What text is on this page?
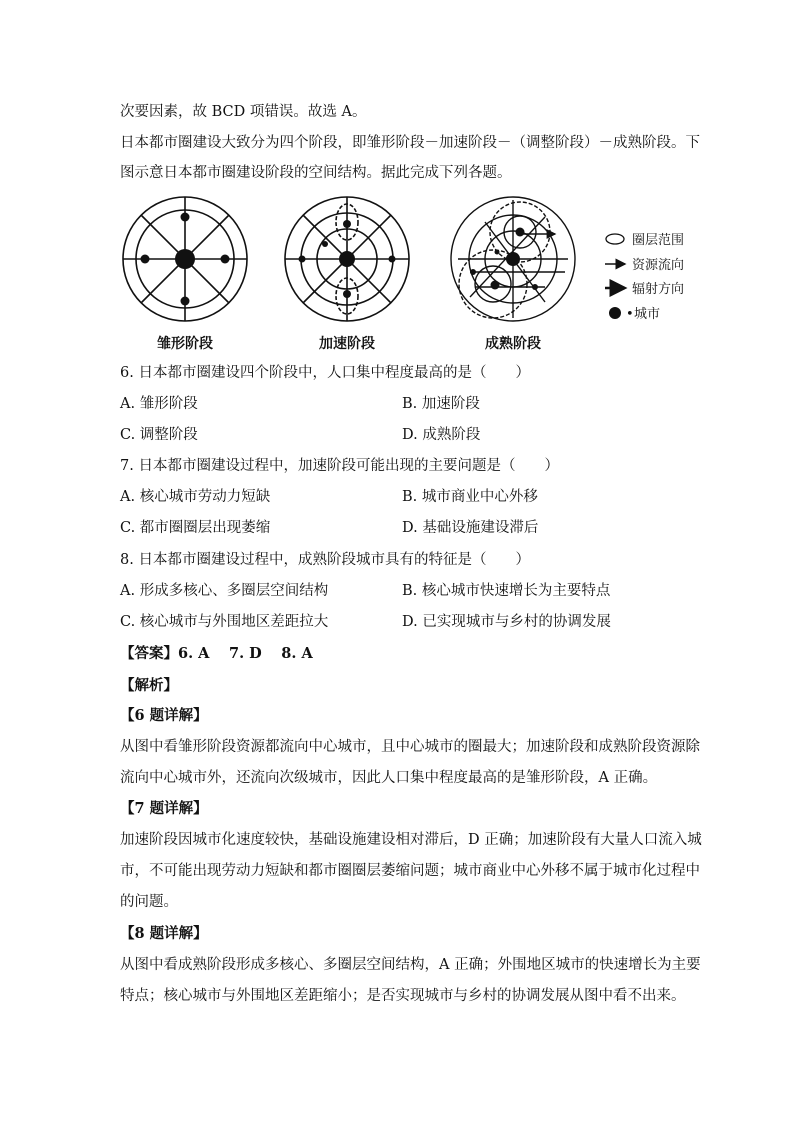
次要因素，故 BCD 项错误。故选 A。
日本都市圈建设大致分为四个阶段，即雏形阶段－加速阶段－（调整阶段）－成熟阶段。下
图示意日本都市圈建设阶段的空间结构。据此完成下列各题。
圈层范围
资源流向
辐射方向
• 城市
雏形阶段	加速阶段	成熟阶段
6. 日本都市圈建设四个阶段中，人口集中程度最高的是（　　）
A. 雏形阶段	B. 加速阶段
C. 调整阶段	D. 成熟阶段
7. 日本都市圈建设过程中，加速阶段可能出现的主要问题是（　　）
A. 核心城市劳动力短缺	B. 城市商业中心外移
C. 都市圈圈层出现萎缩	D. 基础设施建设滞后
8. 日本都市圈建设过程中，成熟阶段城市具有的特征是（　　）
A. 形成多核心、多圈层空间结构	B. 核心城市快速增长为主要特点
C. 核心城市与外围地区差距拉大	D. 已实现城市与乡村的协调发展
【答案】6. A　 7. D　 8. A
【解析】
【6 题详解】
从图中看雏形阶段资源都流向中心城市，且中心城市的圈最大；加速阶段和成熟阶段资源除
流向中心城市外，还流向次级城市，因此人口集中程度最高的是雏形阶段，A 正确。
【7 题详解】
加速阶段因城市化速度较快，基础设施建设相对滞后，D 正确；加速阶段有大量人口流入城
市，不可能出现劳动力短缺和都市圈圈层萎缩问题；城市商业中心外移不属于城市化过程中
的问题。
【8 题详解】
从图中看成熟阶段形成多核心、多圈层空间结构，A 正确；外围地区城市的快速增长为主要
特点；核心城市与外围地区差距缩小；是否实现城市与乡村的协调发展从图中看不出来。
